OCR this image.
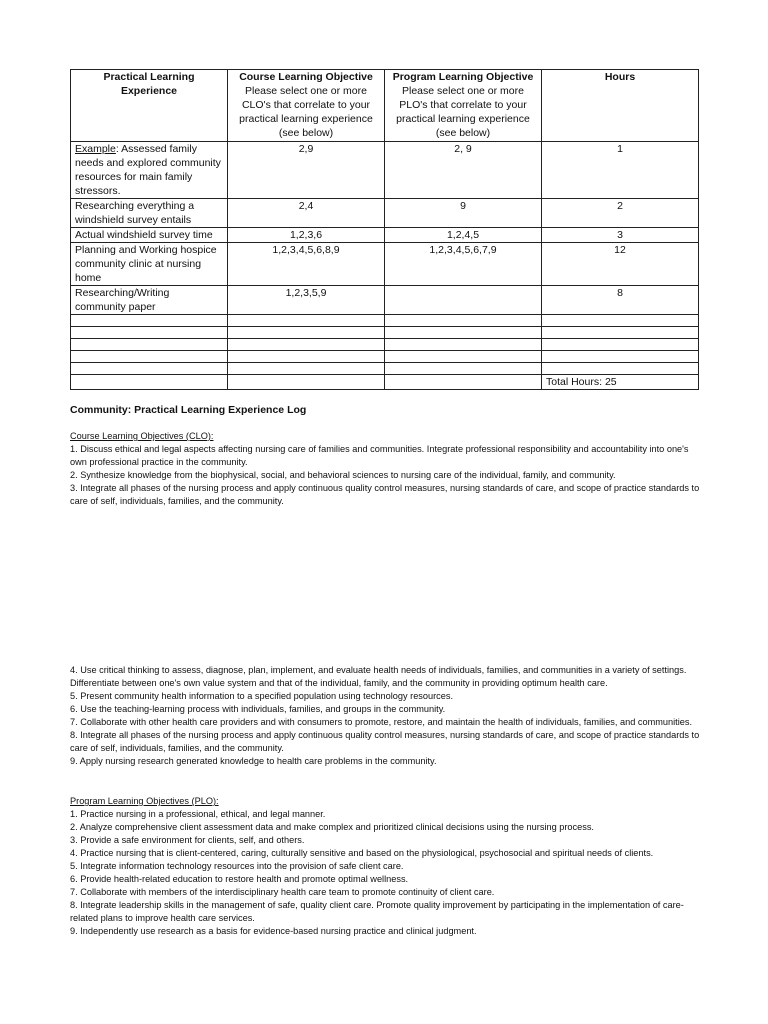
Practical Learning Experience	Course Learning Objective
Please select one or more
CLO's that correlate to your
practical learning experience
(see below)	Program Learning Objective
Please select one or more
PLO's that correlate to your
practical learning experience
(see below)	Hours

Example: Assessed family needs and explored community resources for main family stressors.	2,9	2, 9	1
Researching everything a windshield survey entails	2,4	9	2
Actual windshield survey time	1,2,3,6	1,2,4,5	3
Planning and Working hospice community clinic at nursing home	1,2,3,4,5,6,8,9	1,2,3,4,5,6,7,9	12
Researching/Writing community paper	1,2,3,5,9		8

			Total Hours: 25
Community: Practical Learning Experience Log

Course Learning Objectives (CLO):

1. Discuss ethical and legal aspects affecting nursing care of families and communities. Integrate professional responsibility and accountability into one's own professional practice in the community.

2. Synthesize knowledge from the biophysical, social, and behavioral sciences to nursing care of the individual, family, and community.

3. Integrate all phases of the nursing process and apply continuous quality control measures, nursing standards of care, and scope of practice standards to care of self, individuals, families, and the community.

4. Use critical thinking to assess, diagnose, plan, implement, and evaluate health needs of individuals, families, and communities in a variety of settings. Differentiate between one's own value system and that of the individual, family, and the community in providing optimum health care.

5. Present community health information to a specified population using technology resources.

6. Use the teaching-learning process with individuals, families, and groups in the community.

7. Collaborate with other health care providers and with consumers to promote, restore, and maintain the health of individuals, families, and communities.

8. Integrate all phases of the nursing process and apply continuous quality control measures, nursing standards of care, and scope of practice standards to care of self, individuals, families, and the community.

9. Apply nursing research generated knowledge to health care problems in the community.

Program Learning Objectives (PLO):

1. Practice nursing in a professional, ethical, and legal manner.

2. Analyze comprehensive client assessment data and make complex and prioritized clinical decisions using the nursing process.

3. Provide a safe environment for clients, self, and others.

4. Practice nursing that is client-centered, caring, culturally sensitive and based on the physiological, psychosocial and spiritual needs of clients.

5. Integrate information technology resources into the provision of safe client care.

6. Provide health-related education to restore health and promote optimal wellness.

7. Collaborate with members of the interdisciplinary health care team to promote continuity of client care.

8. Integrate leadership skills in the management of safe, quality client care. Promote quality improvement by participating in the implementation of care-related plans to improve health care services.

9. Independently use research as a basis for evidence-based nursing practice and clinical judgment.
